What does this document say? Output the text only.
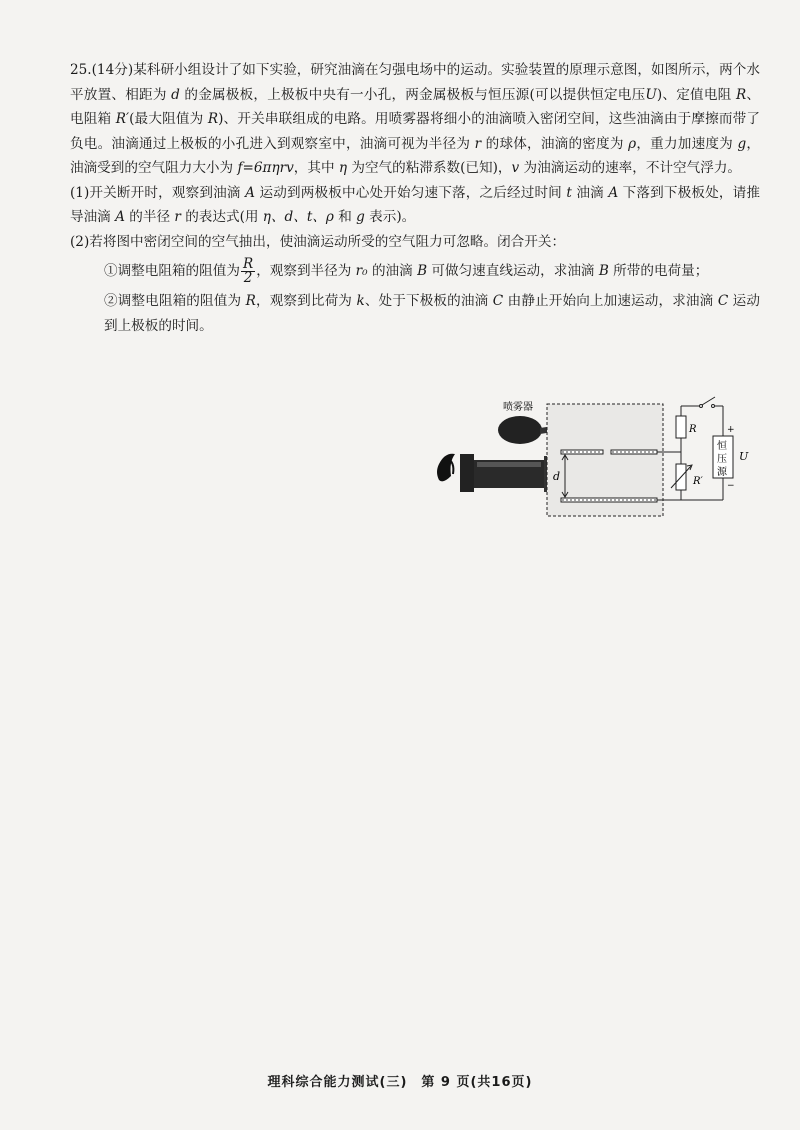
25.(14分)某科研小组设计了如下实验，研究油滴在匀强电场中的运动。实验装置的原理示意图，如图所示，两个水平放置、相距为 d 的金属极板，上极板中央有一小孔，两金属极板与恒压源(可以提供恒定电压U)、定值电阻 R、电阻箱 R′(最大阻值为 R)、开关串联组成的电路。用喷雾器将细小的油滴喷入密闭空间，这些油滴由于摩擦而带了负电。油滴通过上极板的小孔进入到观察室中，油滴可视为半径为 r 的球体，油滴的密度为 ρ，重力加速度为 g，油滴受到的空气阻力大小为 f=6πηrv，其中 η 为空气的粘滞系数(已知)，v 为油滴运动的速率，不计空气浮力。

(1)开关断开时，观察到油滴 A 运动到两极板中心处开始匀速下落，之后经过时间 t 油滴 A 下落到下极板处，请推导油滴 A 的半径 r 的表达式(用 η、d、t、ρ 和 g 表示)。

(2)若将图中密闭空间的空气抽出，使油滴运动所受的空气阻力可忽略。闭合开关：

①调整电阻箱的阻值为 $\frac{R}{2}$ ，观察到半径为 r₀ 的油滴 B 可做匀速直线运动，求油滴 B 所带的电荷量；

②调整电阻箱的阻值为 R，观察到比荷为 k、处于下极板的油滴 C 由静止开始向上加速运动，求油滴 C 运动到上极板的时间。

喷雾器
d
R
R′
恒
压
源
+
−
U
理科综合能力测试(三)　第 9 页(共16页)
